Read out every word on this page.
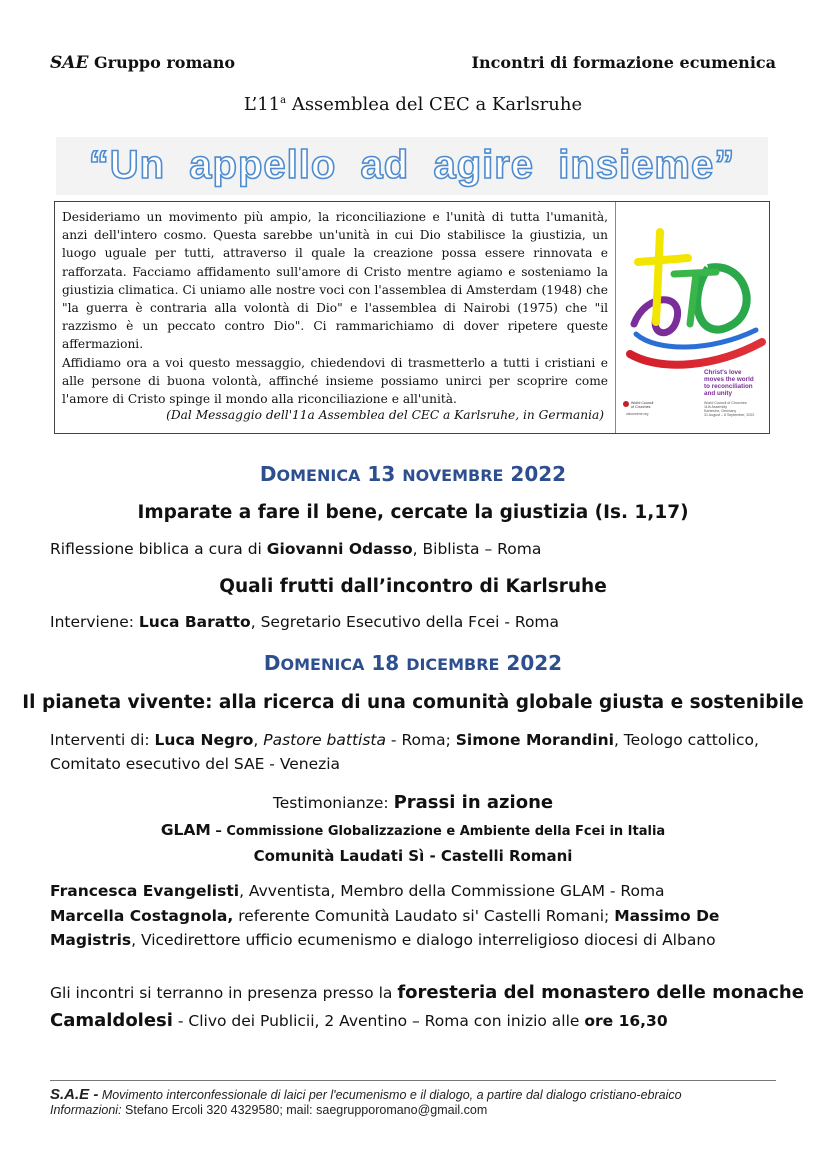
SAE Gruppo romano	Incontri di formazione ecumenica
L’11$^a$ Assemblea del CEC a Karlsruhe
“Un  appello  ad  agire  insieme”

Desideriamo un movimento più ampio, la riconciliazione e l'unità di tutta l'umanità, anzi dell'intero cosmo. Questa sarebbe un'unità in cui Dio stabilisce la giustizia, un luogo uguale per tutti, attraverso il quale la creazione possa essere rinnovata e rafforzata. Facciamo affidamento sull'amore di Cristo mentre agiamo e sosteniamo la giustizia climatica. Ci uniamo alle nostre voci con l'assemblea di Amsterdam (1948) che "la guerra è contraria alla volontà di Dio" e l'assemblea di Nairobi (1975) che "il razzismo è un peccato contro Dio". Ci rammarichiamo di dover ripetere queste affermazioni.

Affidiamo ora a voi questo messaggio, chiedendovi di trasmetterlo a tutti i cristiani e alle persone di buona volontà, affinché insieme possiamo unirci per scoprire come l'amore di Cristo spinge il mondo alla riconciliazione e all'unità.

(Dal Messaggio dell'11a Assemblea del CEC a Karlsruhe, in Germania)
Christ's love
moves the world
to reconciliation
and unity
World Council
of Churches
World Council of Churches
11th Assembly
Karlsruhe, Germany
31 August – 8 September, 2022
oikoumene.org
DOMENICA 13 NOVEMBRE 2022
Imparate a fare il bene, cercate la giustizia (Is. 1,17)
Riflessione biblica a cura di Giovanni Odasso, Biblista – Roma
Quali frutti dall’incontro di Karlsruhe
Interviene: Luca Baratto, Segretario Esecutivo della Fcei - Roma
DOMENICA 18 DICEMBRE 2022
Il pianeta vivente: alla ricerca di una comunità globale giusta e sostenibile
Interventi di: Luca Negro, Pastore battista - Roma; Simone Morandini, Teologo cattolico,
Comitato esecutivo del SAE - Venezia
Testimonianze: Prassi in azione
GLAM – Commissione Globalizzazione e Ambiente della Fcei in Italia
Comunità Laudati Sì - Castelli Romani
Francesca Evangelisti, Avventista, Membro della Commissione GLAM - Roma
Marcella Costagnola, referente Comunità Laudato si' Castelli Romani; Massimo De
Magistris, Vicedirettore ufficio ecumenismo e dialogo interreligioso diocesi di Albano
Gli incontri si terranno in presenza presso la foresteria del monastero delle monache
Camaldolesi - Clivo dei Publicii, 2 Aventino – Roma con inizio alle ore 16,30
S.A.E - Movimento interconfessionale di laici per l'ecumenismo e il dialogo, a partire dal dialogo cristiano-ebraico
Informazioni: Stefano Ercoli 320 4329580; mail: saegrupporomano@gmail.com
